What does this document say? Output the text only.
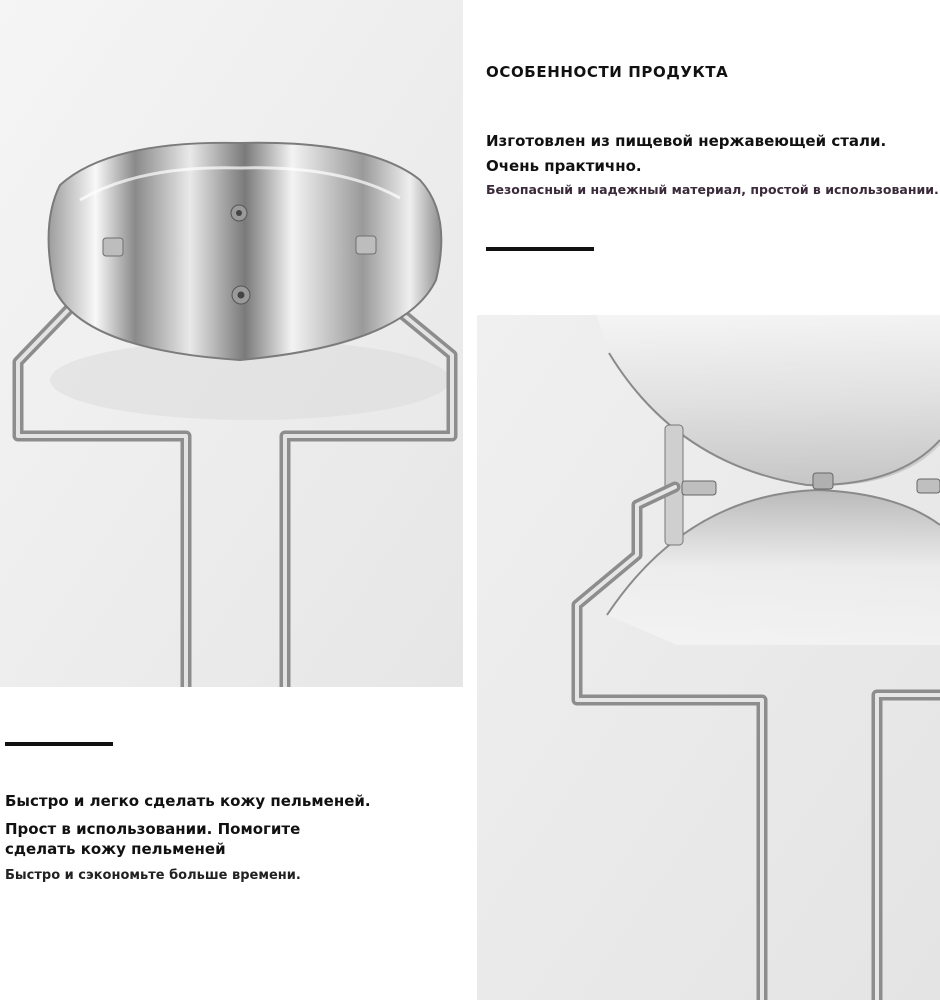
ОСОБЕННОСТИ ПРОДУКТА
Изготовлен из пищевой нержавеющей стали.
Очень практично.
Безопасный и надежный материал, простой в использовании.
Быстро и легко сделать кожу пельменей.
Прост в использовании. Помогите
сделать кожу пельменей
Быстро и сэкономьте больше времени.
